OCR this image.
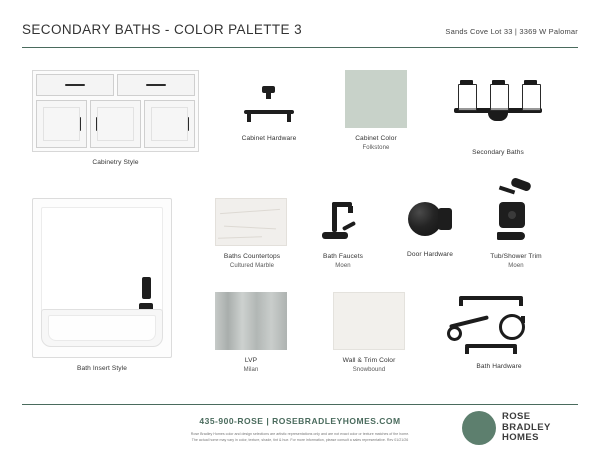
SECONDARY BATHS - COLOR PALETTE 3	Sands Cove Lot 33 | 3369 W Palomar
Cabinetry Style
Cabinet Hardware	Cabinet Color
Folkstone
Secondary Baths
Bath Insert Style
Baths Countertops
Cultured Marble
Bath Faucets
Moen
Door Hardware	Tub/Shower Trim
Moen
LVP
Milan
Wall & Trim Color
Snowbound	Bath Hardware
435-900-ROSE | ROSEBRADLEYHOMES.COM
Rose Bradley Homes color and design selections are artistic representations only and are not exact color or texture matches of the home.
The actual home may vary in color, texture, shade, tint & hue. For more information, please consult a sales representative. Rev 01/21/26
ROSE
BRADLEY
HOMES
